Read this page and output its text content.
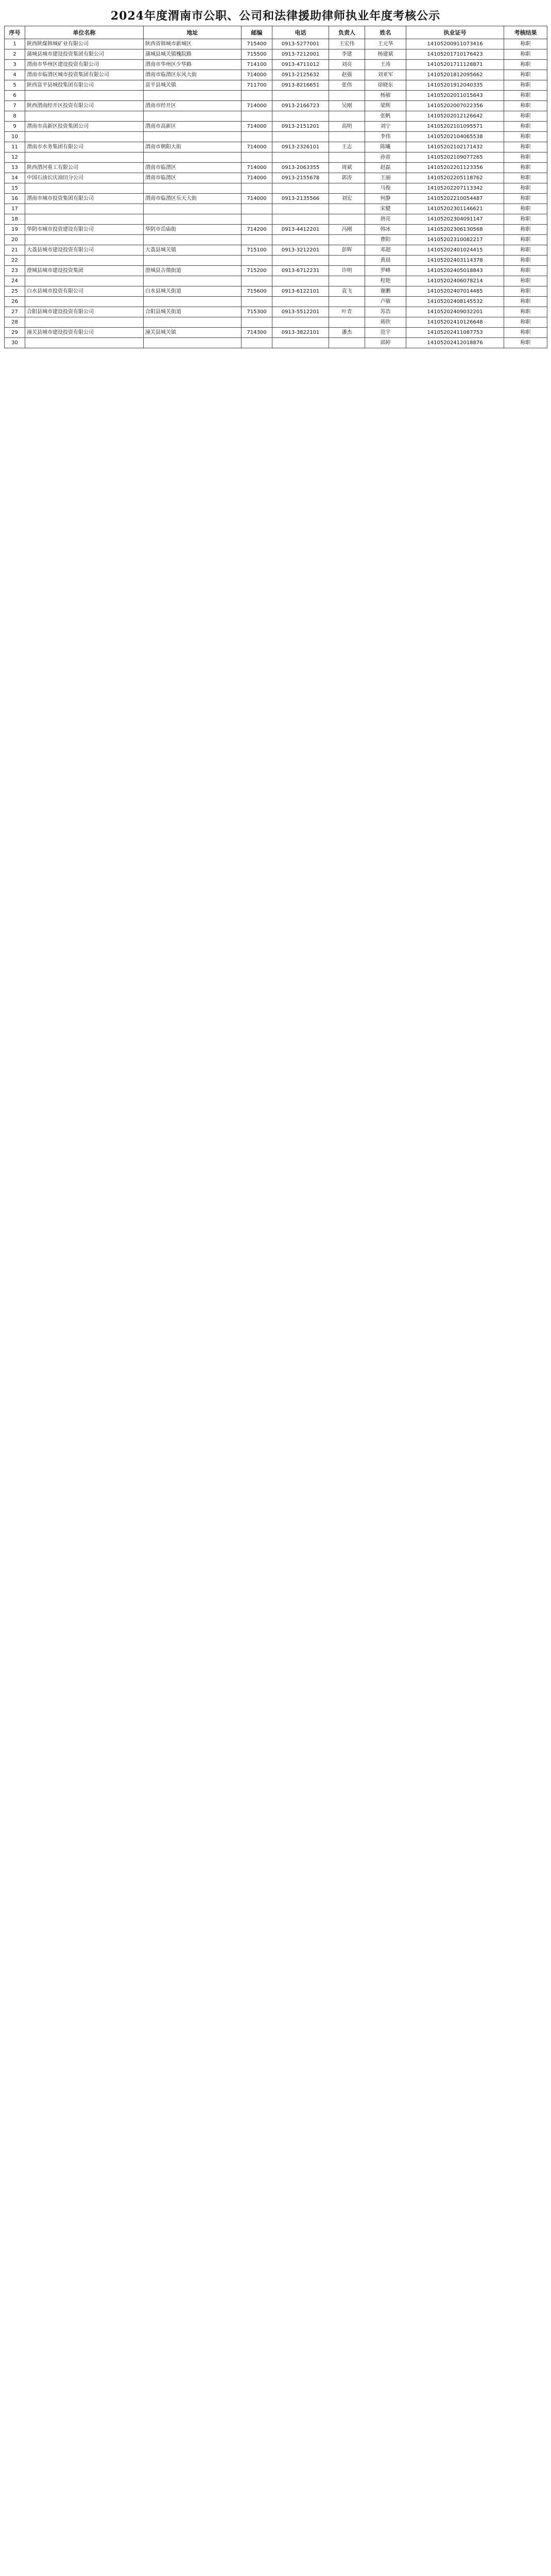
2024年度渭南市公职、公司和法律援助律师执业年度考核公示
序号	单位名称	地址	邮编	电话	负责人	姓名	执业证号	考核结果
1	陕西陕煤韩城矿业有限公司	陕西省韩城市新城区	715400	0913-5277001	王宏伟	王元华	14105200911073416	称职
2	蒲城县城市建设投资集团有限公司	蒲城县城关镇槐院路	715500	0913-7212001	李建	杨建斌	14105201710176423	称职
3	渭南市华州区建设投资有限公司	渭南市华州区少华路	714100	0913-4711012	刘亮	王涛	14105201711128871	称职
4	渭南市临渭区城市投资集团有限公司	渭南市临渭区东风大街	714000	0913-2125632	赵强	刘亚军	14105201812095662	称职
5	陕西富平县城投集团有限公司	富平县城关镇	711700	0913-8216651	张伟	徐晓东	14105201912040335	称职
6						杨敏	14105202011015643	称职
7	陕西渭南经开区投资有限公司	渭南市经开区	714000	0913-2166723	吴刚	梁辉	14105202007022356	称职
8						张帆	14105202012126642	称职
9	渭南市高新区投资集团公司	渭南市高新区	714000	0913-2151201	高明	刘宁	14105202101095571	称职
10						李伟	14105202104065538	称职
11	渭南市水务集团有限公司	渭南市朝阳大街	714000	0913-2326101	王志	陈曦	14105202102171432	称职
12						孙雷	14105202109077265	称职
13	陕西渭河重工有限公司	渭南市临渭区	714000	0913-2063355	周斌	赵磊	14105202201123356	称职
14	中国石油长庆油田分公司	渭南市临渭区	714000	0913-2155678	郭涛	王丽	14105202205118762	称职
15						马俊	14105202207113342	称职
16	渭南市城市投资集团有限公司	渭南市临渭区乐天大街	714000	0913-2135566	刘宏	何静	14105202210054487	称职
17						宋健	14105202301146621	称职
18						唐亮	14105202304091147	称职
19	华阴市城市投资建设有限公司	华阴市岳庙街	714200	0913-4412201	冯刚	韩冰	14105202306130568	称职
20						曹阳	14105202310082217	称职
21	大荔县城市建设投资有限公司	大荔县城关镇	715100	0913-3212201	彭辉	邓超	14105202401024415	称职
22						黄晨	14105202403114378	称职
23	澄城县城市建设投资集团	澄城县古徵街道	715200	0913-6712231	许明	罗峰	14105202405018843	称职
24						程艳	14105202406078214	称职
25	白水县城市投资有限公司	白水县城关街道	715600	0913-6122101	袁飞	谢鹏	14105202407014485	称职
26						卢敏	14105202408145532	称职
27	合阳县城市建设投资有限公司	合阳县城关街道	715300	0913-5512201	叶青	苏浩	14105202409032201	称职
28						蒋欣	14105202410126648	称职
29	潼关县城市建设投资有限公司	潼关县城关镇	714300	0913-3822101	潘杰	范宇	14105202411087753	称职
30						邱婷	14105202412018876	称职
